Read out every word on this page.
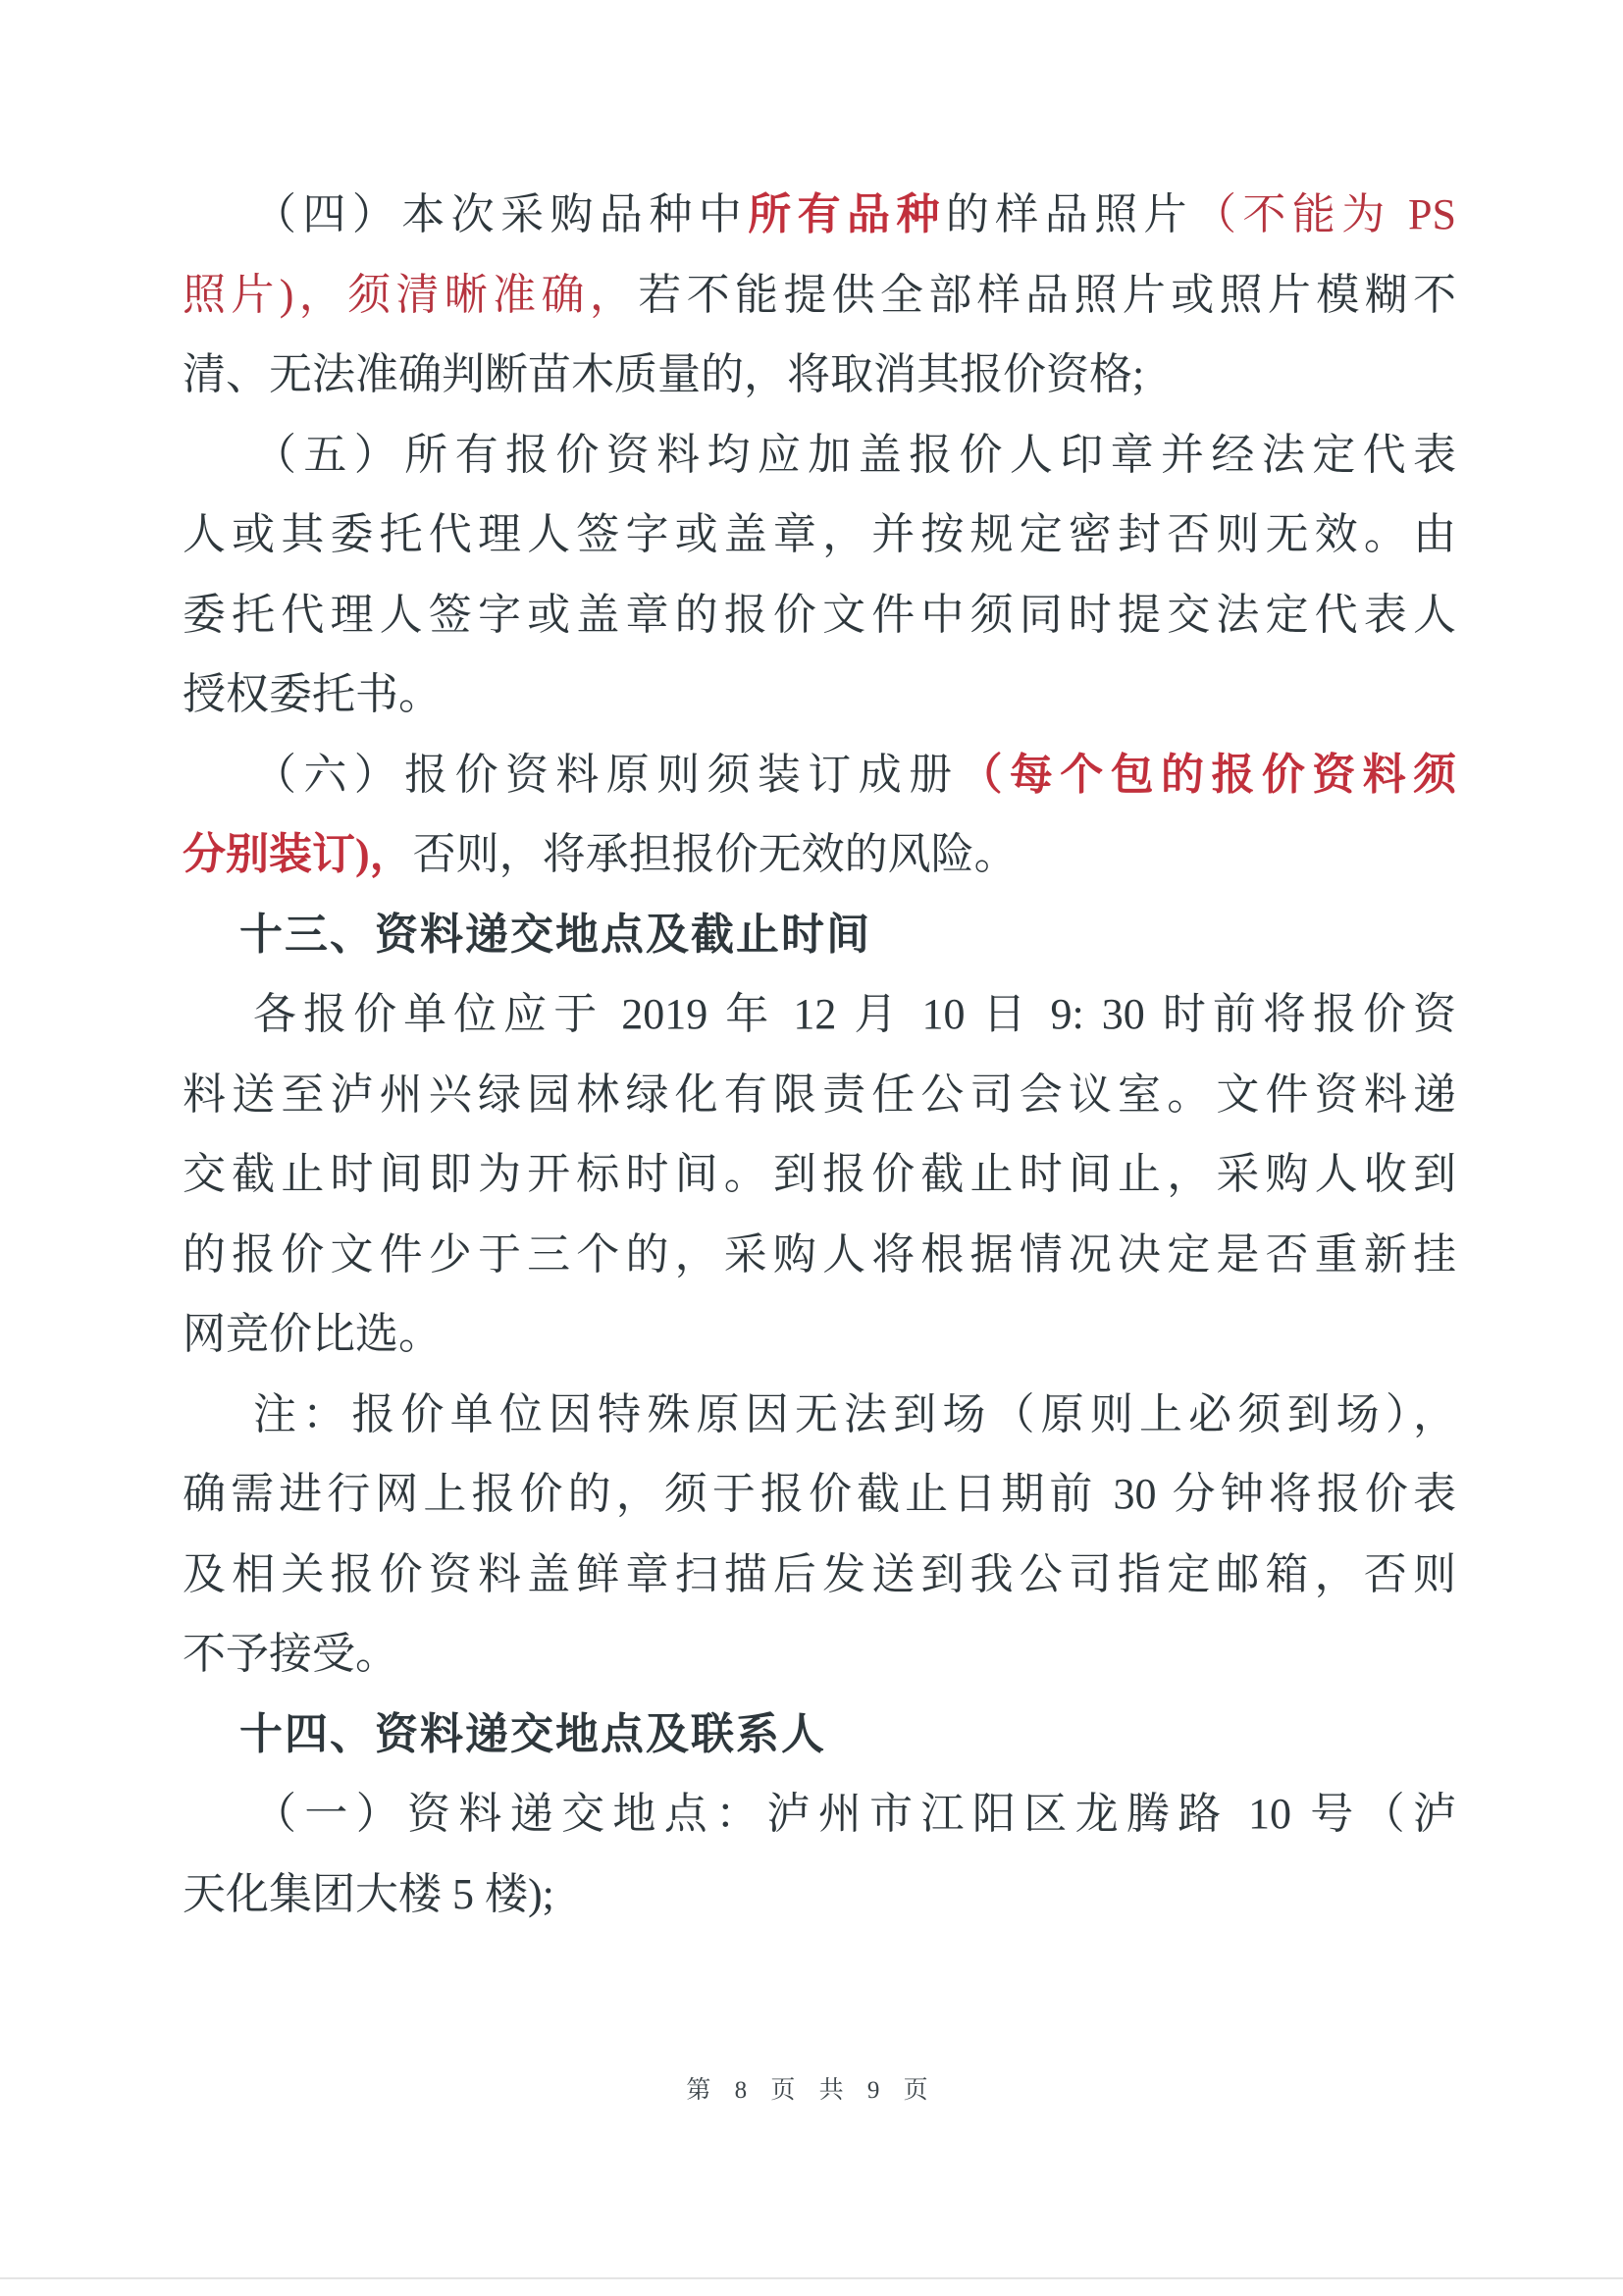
（四）本次采购品种中所有品种的样品照片（不能为 PS
照片)，须清晰准确，若不能提供全部样品照片或照片模糊不
清、无法准确判断苗木质量的，将取消其报价资格;
（五）所有报价资料均应加盖报价人印章并经法定代表
人或其委托代理人签字或盖章，并按规定密封否则无效。由
委托代理人签字或盖章的报价文件中须同时提交法定代表人
授权委托书。
（六）报价资料原则须装订成册（每个包的报价资料须
分别装订)，否则，将承担报价无效的风险。
十三、资料递交地点及截止时间
各报价单位应于 2019 年 12 月 10 日 9: 30 时前将报价资
料送至泸州兴绿园林绿化有限责任公司会议室。文件资料递
交截止时间即为开标时间。到报价截止时间止，采购人收到
的报价文件少于三个的，采购人将根据情况决定是否重新挂
网竞价比选。
注：报价单位因特殊原因无法到场（原则上必须到场），
确需进行网上报价的，须于报价截止日期前 30 分钟将报价表
及相关报价资料盖鲜章扫描后发送到我公司指定邮箱，否则
不予接受。
十四、资料递交地点及联系人
（一）资料递交地点：泸州市江阳区龙腾路 10 号（泸
天化集团大楼 5 楼);
第 8 页 共 9 页
